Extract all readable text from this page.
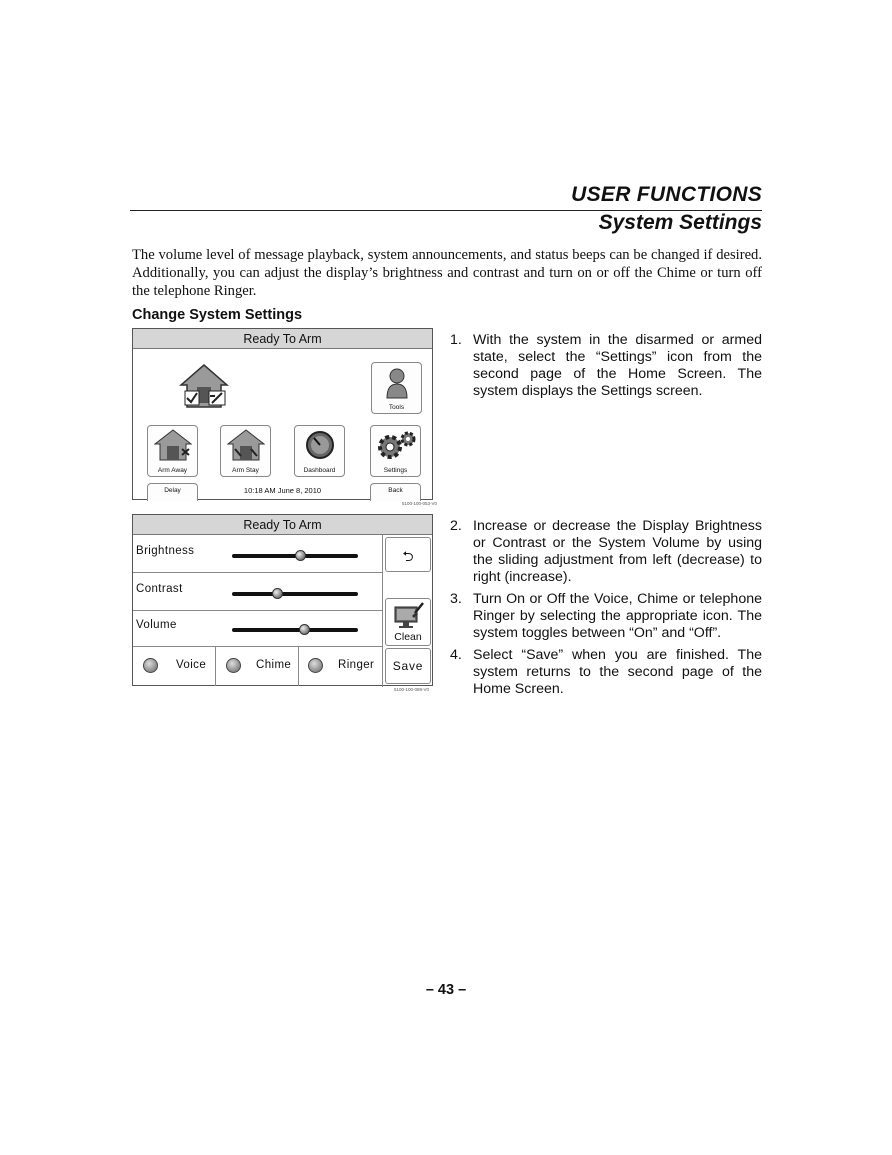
USER FUNCTIONS
System Settings

The volume level of message playback, system announcements, and status beeps can be changed if desired. Additionally, you can adjust the display’s brightness and contrast and turn on or off the Chime or turn off the telephone Ringer.

Change System Settings
Ready To Arm
Tools
Arm Away	Arm Stay	Dashboard	Settings
Delay	10:18 AM June 8, 2010	Back
5100-100-053-V0
Ready To Arm
Brightness
Contrast
Volume
Voice	Chime	Ringer
⮌
Clean
Save
5100-100-088-V0
1. With the system in the disarmed or armed state, select the “Settings” icon from the second page of the Home Screen. The system displays the Settings screen.
2. Increase or decrease the Display Brightness or Contrast or the System Volume by using the sliding adjustment from left (decrease) to right (increase).
3. Turn On or Off the Voice, Chime or telephone Ringer by selecting the appropriate icon. The system toggles between “On” and “Off”.
4. Select “Save” when you are finished. The system returns to the second page of the Home Screen.
– 43 –
